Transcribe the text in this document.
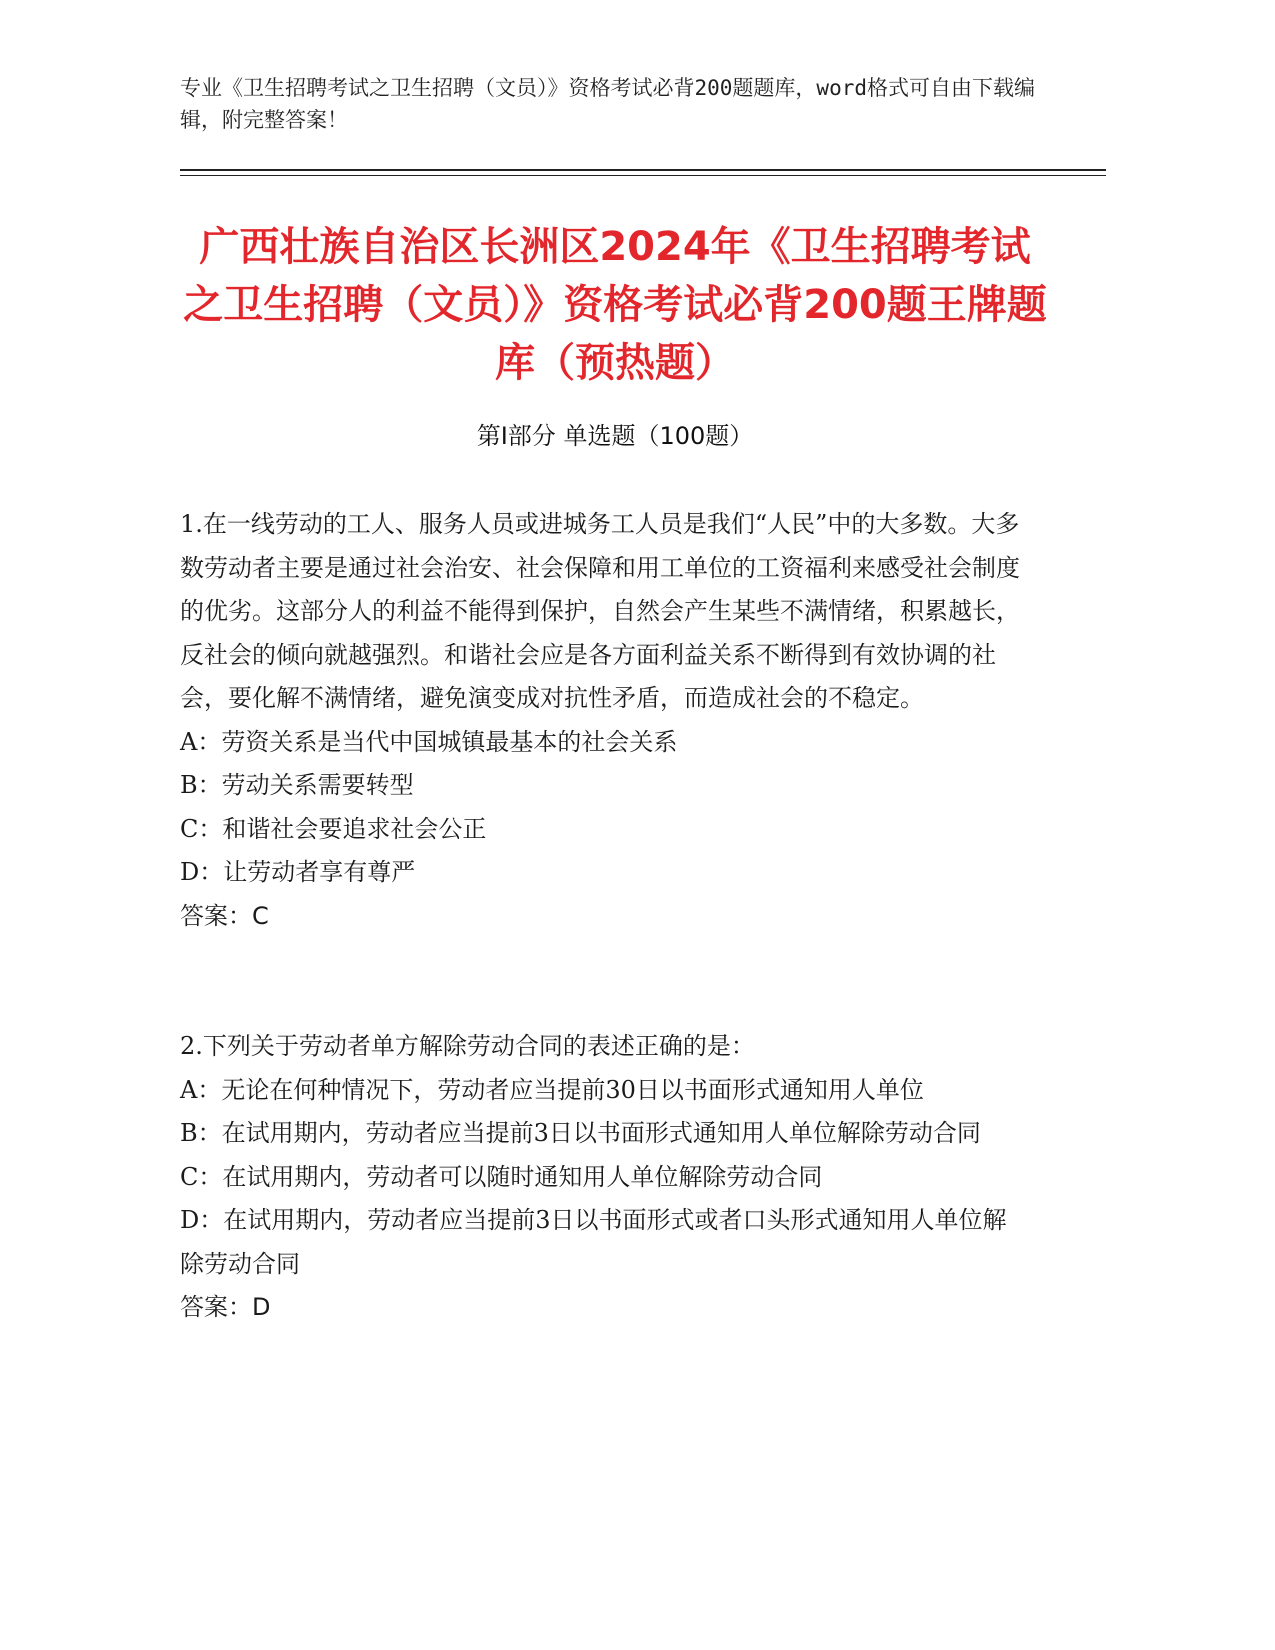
专业《卫生招聘考试之卫生招聘（文员）》资格考试必背200题题库，word格式可自由下载编辑，附完整答案！
广西壮族自治区长洲区2024年《卫生招聘考试之卫生招聘（文员）》资格考试必背200题王牌题库（预热题）
第I部分 单选题（100题）

1.在一线劳动的工人、服务人员或进城务工人员是我们“人民”中的大多数。大多数劳动者主要是通过社会治安、社会保障和用工单位的工资福利来感受社会制度的优劣。这部分人的利益不能得到保护，自然会产生某些不满情绪，积累越长，反社会的倾向就越强烈。和谐社会应是各方面利益关系不断得到有效协调的社会，要化解不满情绪，避免演变成对抗性矛盾，而造成社会的不稳定。

A：劳资关系是当代中国城镇最基本的社会关系

B：劳动关系需要转型

C：和谐社会要追求社会公正

D：让劳动者享有尊严

答案：C

2.下列关于劳动者单方解除劳动合同的表述正确的是：

A：无论在何种情况下，劳动者应当提前30日以书面形式通知用人单位

B：在试用期内，劳动者应当提前3日以书面形式通知用人单位解除劳动合同

C：在试用期内，劳动者可以随时通知用人单位解除劳动合同

D：在试用期内，劳动者应当提前3日以书面形式或者口头形式通知用人单位解除劳动合同

答案：D
